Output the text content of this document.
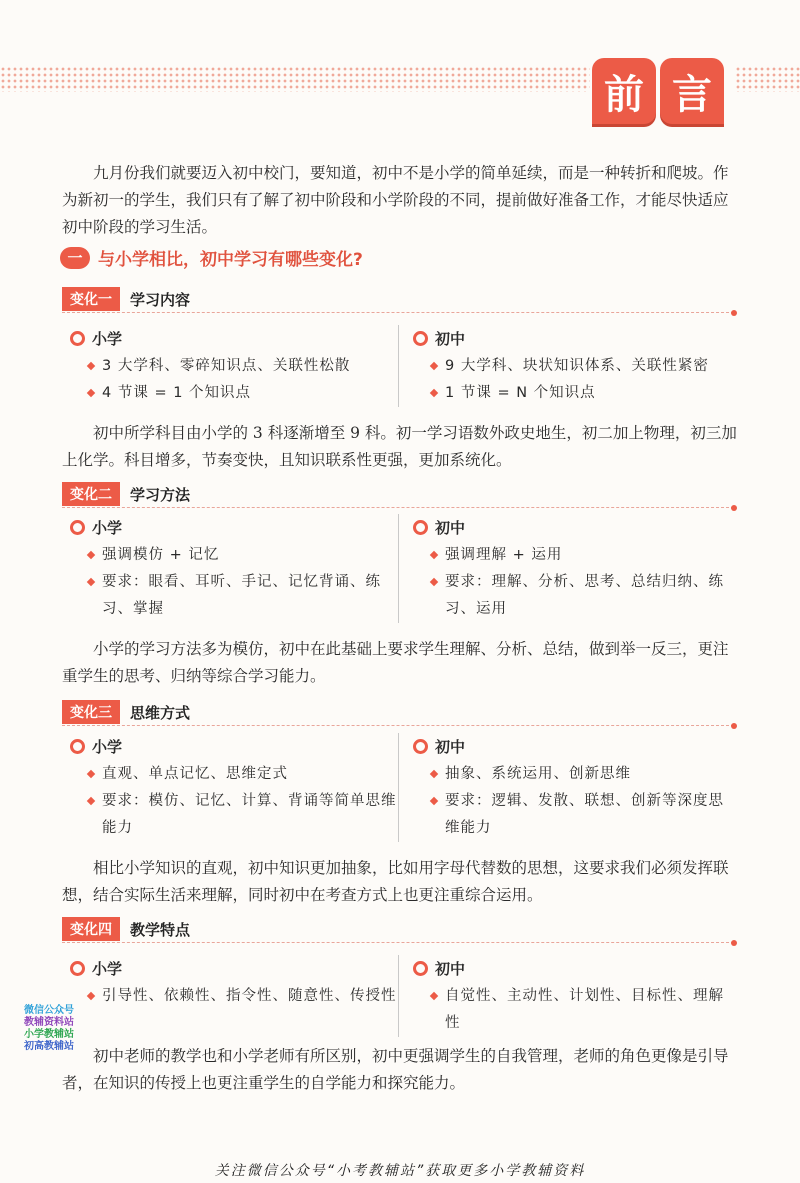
前 言

九月份我们就要迈入初中校门，要知道，初中不是小学的简单延续，而是一种转折和爬坡。作为新初一的学生，我们只有了解了初中阶段和小学阶段的不同，提前做好准备工作，才能尽快适应初中阶段的学习生活。

一 与小学相比，初中学习有哪些变化?
变化一	学习内容
小学
3 大学科、零碎知识点、关联性松散
4 节课 = 1 个知识点
初中
9 大学科、块状知识体系、关联性紧密
1 节课 = N 个知识点

初中所学科目由小学的 3 科逐渐增至 9 科。初一学习语数外政史地生，初二加上物理，初三加上化学。科目增多，节奏变快，且知识联系性更强，更加系统化。

变化二	学习方法
小学
强调模仿 + 记忆
要求：眼看、耳听、手记、记忆背诵、练习、掌握
初中
强调理解 + 运用
要求：理解、分析、思考、总结归纳、练习、运用

小学的学习方法多为模仿，初中在此基础上要求学生理解、分析、总结，做到举一反三，更注重学生的思考、归纳等综合学习能力。

变化三	思维方式
小学
直观、单点记忆、思维定式
要求：模仿、记忆、计算、背诵等简单思维能力
初中
抽象、系统运用、创新思维
要求：逻辑、发散、联想、创新等深度思维能力

相比小学知识的直观，初中知识更加抽象，比如用字母代替数的思想，这要求我们必须发挥联想，结合实际生活来理解，同时初中在考查方式上也更注重综合运用。

变化四	教学特点
小学
引导性、依赖性、指令性、随意性、传授性
初中
自觉性、主动性、计划性、目标性、理解性

初中老师的教学也和小学老师有所区别，初中更强调学生的自我管理，老师的角色更像是引导者，在知识的传授上也更注重学生的自学能力和探究能力。

微信公众号
教辅资料站
小学教辅站
初高教辅站
关注微信公众号“小考教辅站”获取更多小学教辅资料
